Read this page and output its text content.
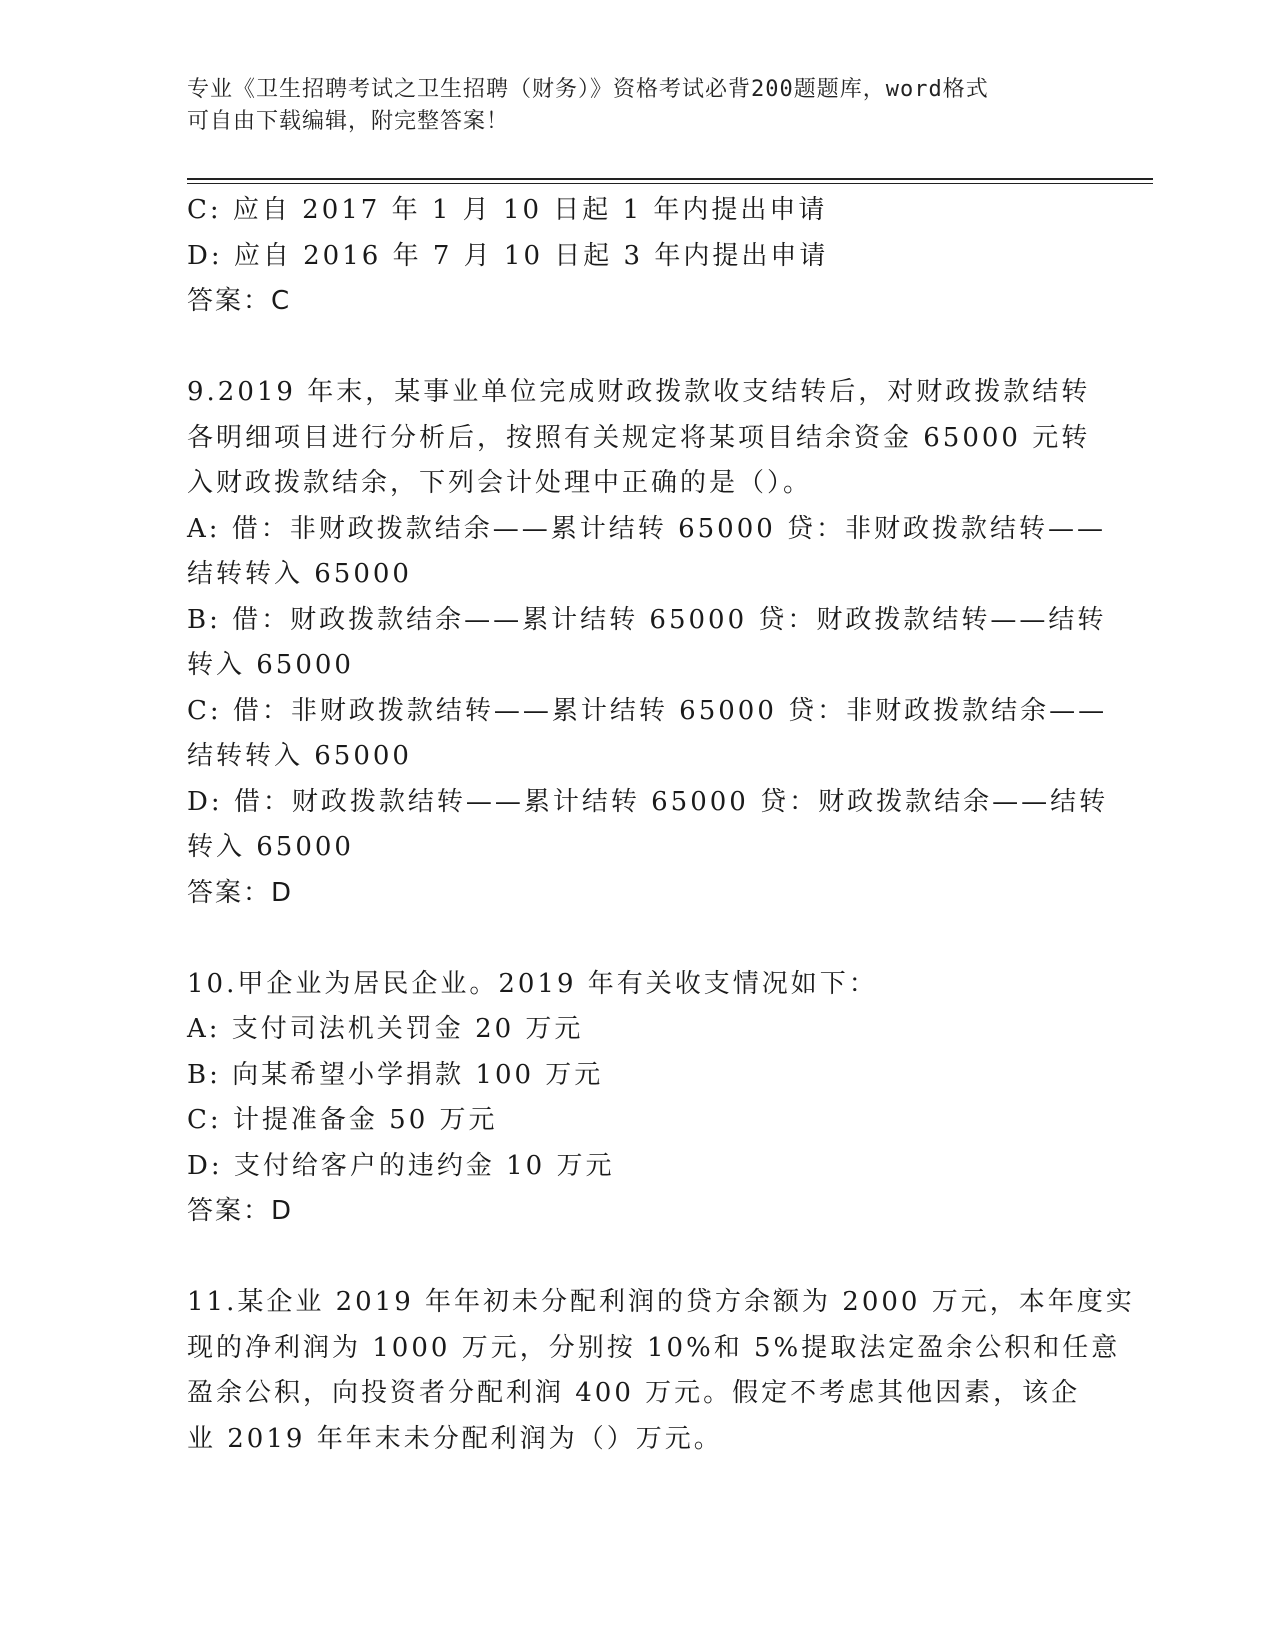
专业《卫生招聘考试之卫生招聘（财务）》资格考试必背200题题库，word格式
可自由下载编辑，附完整答案！
C: 应自 2017 年 1 月 10 日起 1 年内提出申请
D: 应自 2016 年 7 月 10 日起 3 年内提出申请
答案：C
9.2019 年末，某事业单位完成财政拨款收支结转后，对财政拨款结转
各明细项目进行分析后，按照有关规定将某项目结余资金 65000 元转
入财政拨款结余，下列会计处理中正确的是（）。
A: 借：非财政拨款结余——累计结转 65000 贷：非财政拨款结转——
结转转入 65000
B: 借：财政拨款结余——累计结转 65000 贷：财政拨款结转——结转
转入 65000
C: 借：非财政拨款结转——累计结转 65000 贷：非财政拨款结余——
结转转入 65000
D: 借：财政拨款结转——累计结转 65000 贷：财政拨款结余——结转
转入 65000
答案：D
10.甲企业为居民企业。2019 年有关收支情况如下：
A: 支付司法机关罚金 20 万元
B: 向某希望小学捐款 100 万元
C: 计提准备金 50 万元
D: 支付给客户的违约金 10 万元
答案：D
11.某企业 2019 年年初未分配利润的贷方余额为 2000 万元，本年度实
现的净利润为 1000 万元，分别按 10%和 5%提取法定盈余公积和任意
盈余公积，向投资者分配利润 400 万元。假定不考虑其他因素，该企
业 2019 年年末未分配利润为（）万元。
